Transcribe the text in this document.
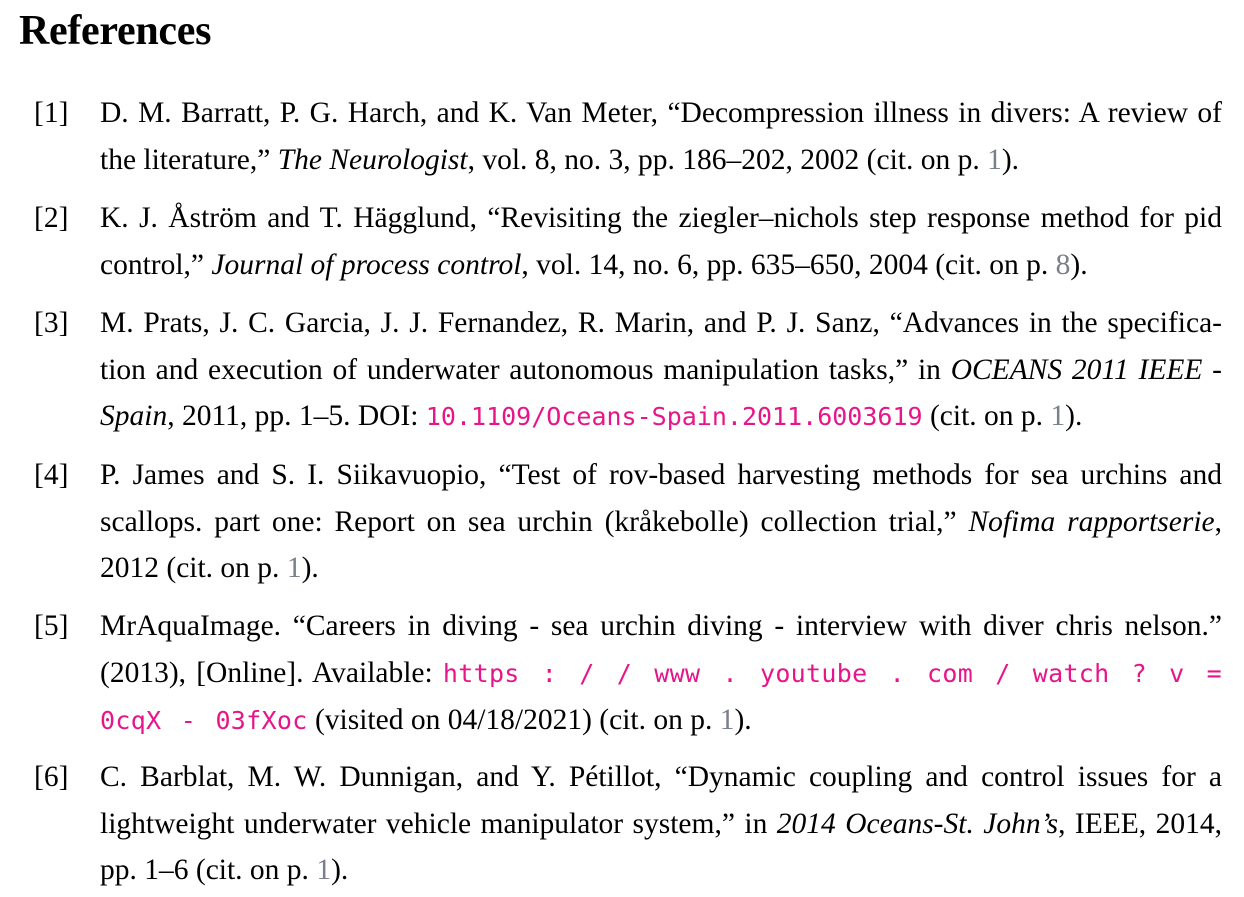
References
[1] D. M. Barratt, P. G. Harch, and K. Van Meter, “Decompression illness in divers: A review of the literature,” The Neurologist, vol. 8, no. 3, pp. 186–202, 2002 (cit. on p. 1).
[2] K. J. Åström and T. Hägglund, “Revisiting the ziegler–nichols step response method for pid control,” Journal of process control, vol. 14, no. 6, pp. 635–650, 2004 (cit. on p. 8).
[3] M. Prats, J. C. Garcia, J. J. Fernandez, R. Marin, and P. J. Sanz, “Advances in the specifica-tion and execution of underwater autonomous manipulation tasks,” in OCEANS 2011 IEEE - Spain, 2011, pp. 1–5. DOI: 10.1109/Oceans-Spain.2011.6003619 (cit. on p. 1).
[4] P. James and S. I. Siikavuopio, “Test of rov-based harvesting methods for sea urchins and scallops. part one: Report on sea urchin (kråkebolle) collection trial,” Nofima rapportserie, 2012 (cit. on p. 1).
[5] MrAquaImage. “Careers in diving - sea urchin diving - interview with diver chris nelson.” (2013), [Online]. Available: https : / / www . youtube . com / watch ? v = 0cqX - 03fXoc (visited on 04/18/2021) (cit. on p. 1).
[6] C. Barblat, M. W. Dunnigan, and Y. Pétillot, “Dynamic coupling and control issues for a lightweight underwater vehicle manipulator system,” in 2014 Oceans-St. John’s, IEEE, 2014, pp. 1–6 (cit. on p. 1).
